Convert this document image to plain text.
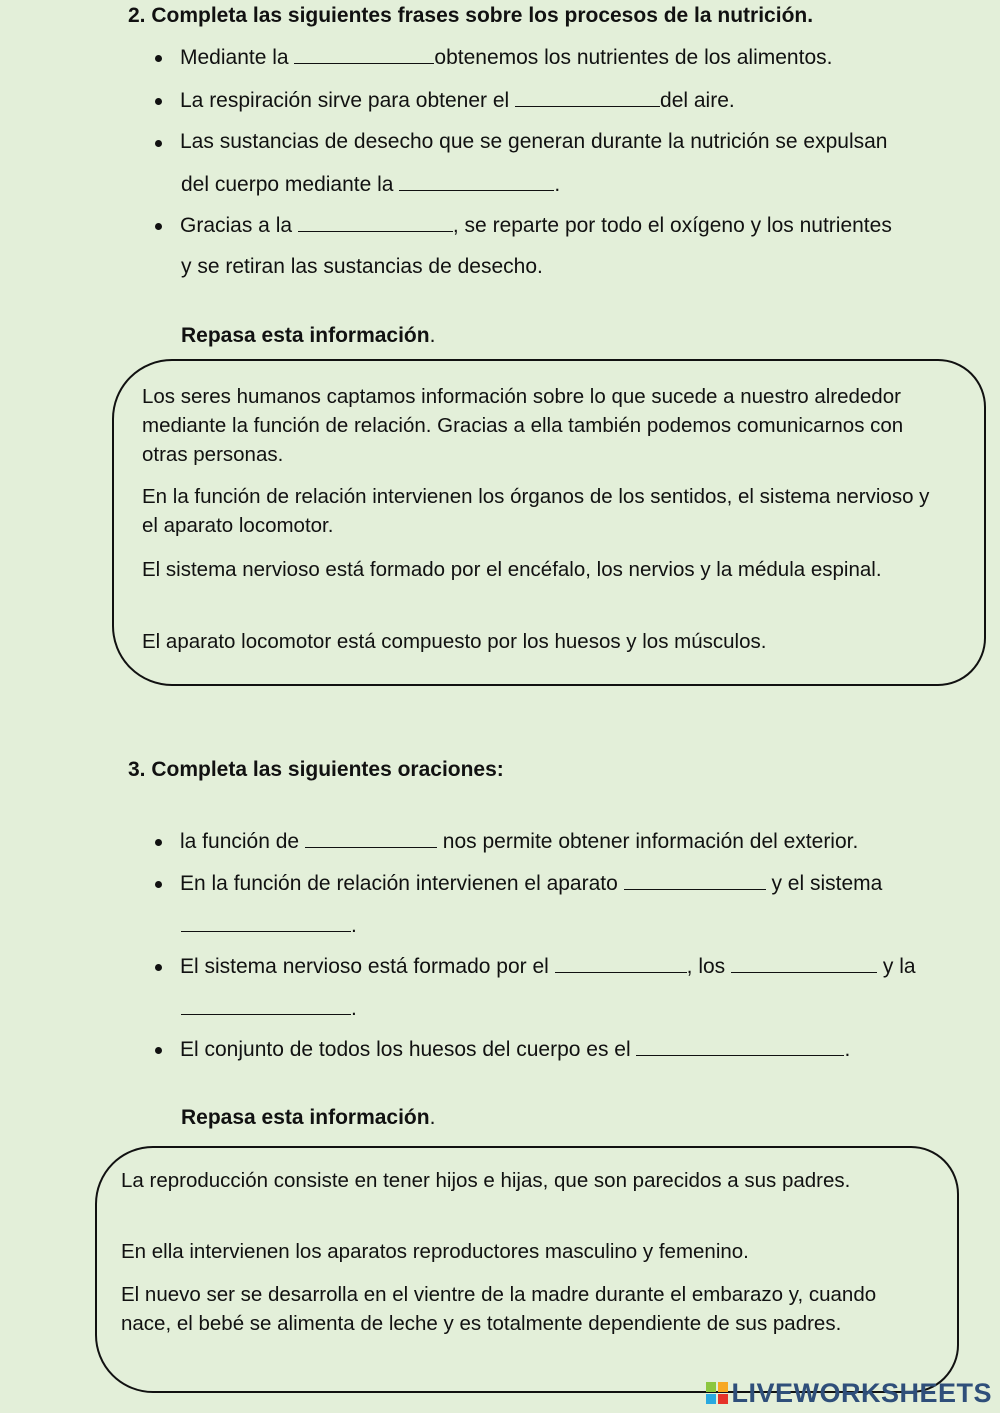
2. Completa las siguientes frases sobre los procesos de la nutrición.
Mediante la	obtenemos los nutrientes de los alimentos.
La respiración sirve para obtener el	del aire.
Las sustancias de desecho que se generan durante la nutrición se expulsan
Gracias a la	, se reparte por todo el oxígeno y los nutrientes
del cuerpo mediante la	.
y se retiran las sustancias de desecho.
Repasa esta información.

Los seres humanos captamos información sobre lo que sucede a nuestro alrededor mediante la función de relación. Gracias a ella también podemos comunicarnos con otras personas.

En la función de relación intervienen los órganos de los sentidos, el sistema nervioso y el aparato locomotor.

El sistema nervioso está formado por el encéfalo, los nervios y la médula espinal.

El aparato locomotor está compuesto por los huesos y los músculos.

3. Completa las siguientes oraciones:
la función de	nos permite obtener información del exterior.
En la función de relación intervienen el aparato	y el sistema
El sistema nervioso está formado por el	, los	y la
El conjunto de todos los huesos del cuerpo es el	.
.
.
Repasa esta información.

La reproducción consiste en tener hijos e hijas, que son parecidos a sus padres.

En ella intervienen los aparatos reproductores masculino y femenino.

El nuevo ser se desarrolla en el vientre de la madre durante el embarazo y, cuando nace, el bebé se alimenta de leche y es totalmente dependiente de sus padres.

LIVEWORKSHEETS
